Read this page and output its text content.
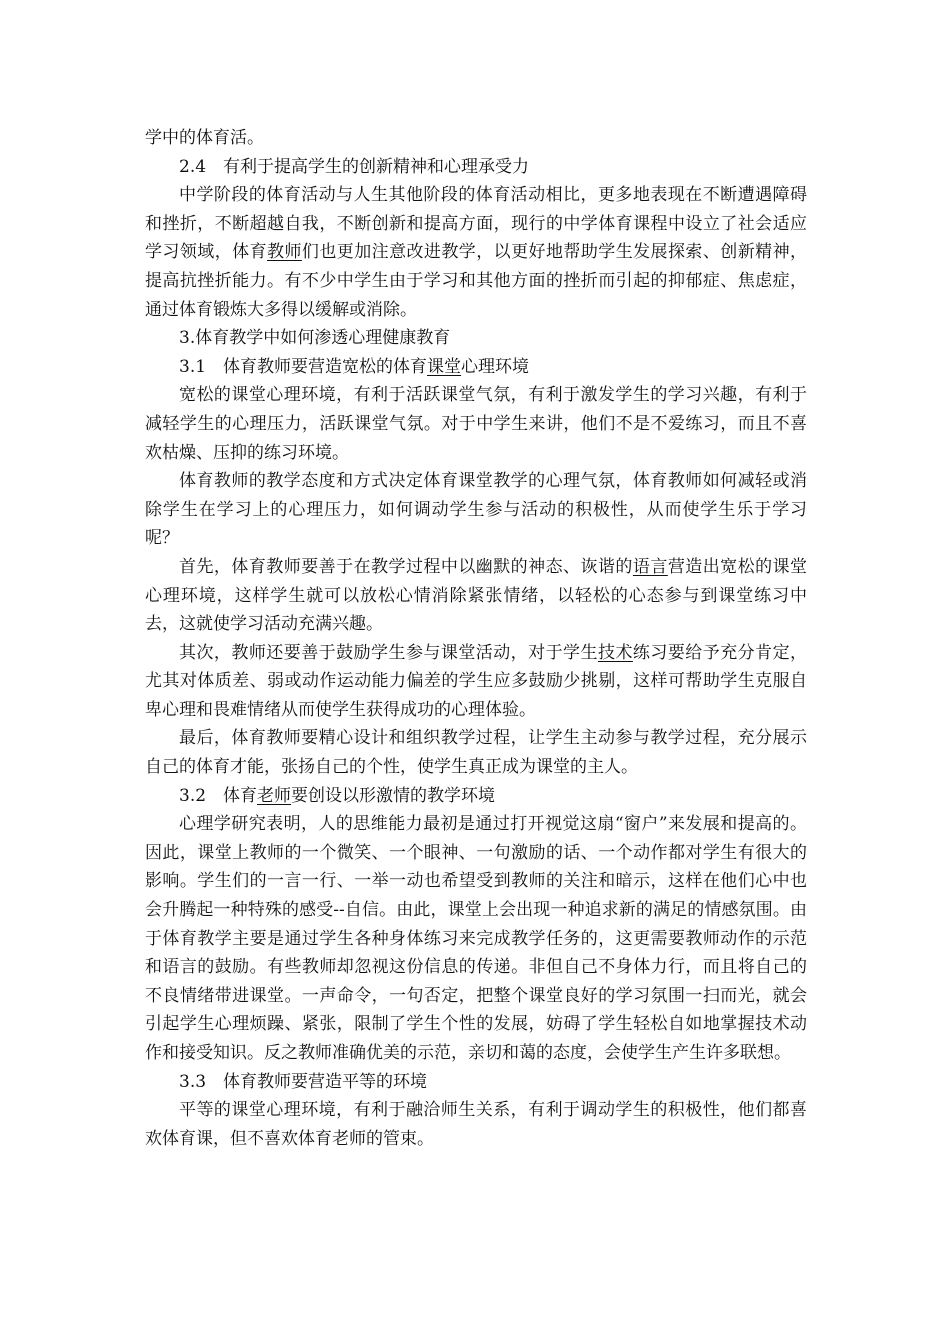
学中的体育活。

2.4　有利于提高学生的创新精神和心理承受力

中学阶段的体育活动与人生其他阶段的体育活动相比，更多地表现在不断遭遇障碍和挫折，不断超越自我，不断创新和提高方面，现行的中学体育课程中设立了社会适应学习领域，体育教师们也更加注意改进教学，以更好地帮助学生发展探索、创新精神，提高抗挫折能力。有不少中学生由于学习和其他方面的挫折而引起的抑郁症、焦虑症，通过体育锻炼大多得以缓解或消除。

3.体育教学中如何渗透心理健康教育

3.1　体育教师要营造宽松的体育课堂心理环境

宽松的课堂心理环境，有利于活跃课堂气氛，有利于激发学生的学习兴趣，有利于减轻学生的心理压力，活跃课堂气氛。对于中学生来讲，他们不是不爱练习，而且不喜欢枯燥、压抑的练习环境。

体育教师的教学态度和方式决定体育课堂教学的心理气氛，体育教师如何减轻或消除学生在学习上的心理压力，如何调动学生参与活动的积极性，从而使学生乐于学习呢？

首先，体育教师要善于在教学过程中以幽默的神态、诙谐的语言营造出宽松的课堂心理环境，这样学生就可以放松心情消除紧张情绪，以轻松的心态参与到课堂练习中去，这就使学习活动充满兴趣。

其次，教师还要善于鼓励学生参与课堂活动，对于学生技术练习要给予充分肯定，尤其对体质差、弱或动作运动能力偏差的学生应多鼓励少挑剔，这样可帮助学生克服自卑心理和畏难情绪从而使学生获得成功的心理体验。

最后，体育教师要精心设计和组织教学过程，让学生主动参与教学过程，充分展示自己的体育才能，张扬自己的个性，使学生真正成为课堂的主人。

3.2　体育老师要创设以形激情的教学环境

心理学研究表明，人的思维能力最初是通过打开视觉这扇“窗户”来发展和提高的。因此，课堂上教师的一个微笑、一个眼神、一句激励的话、一个动作都对学生有很大的影响。学生们的一言一行、一举一动也希望受到教师的关注和暗示，这样在他们心中也会升腾起一种特殊的感受--自信。由此，课堂上会出现一种追求新的满足的情感氛围。由于体育教学主要是通过学生各种身体练习来完成教学任务的，这更需要教师动作的示范和语言的鼓励。有些教师却忽视这份信息的传递。非但自己不身体力行，而且将自己的不良情绪带进课堂。一声命令，一句否定，把整个课堂良好的学习氛围一扫而光，就会引起学生心理烦躁、紧张，限制了学生个性的发展，妨碍了学生轻松自如地掌握技术动作和接受知识。反之教师准确优美的示范，亲切和蔼的态度，会使学生产生许多联想。

3.3　体育教师要营造平等的环境

平等的课堂心理环境，有利于融洽师生关系，有利于调动学生的积极性，他们都喜欢体育课，但不喜欢体育老师的管束。
